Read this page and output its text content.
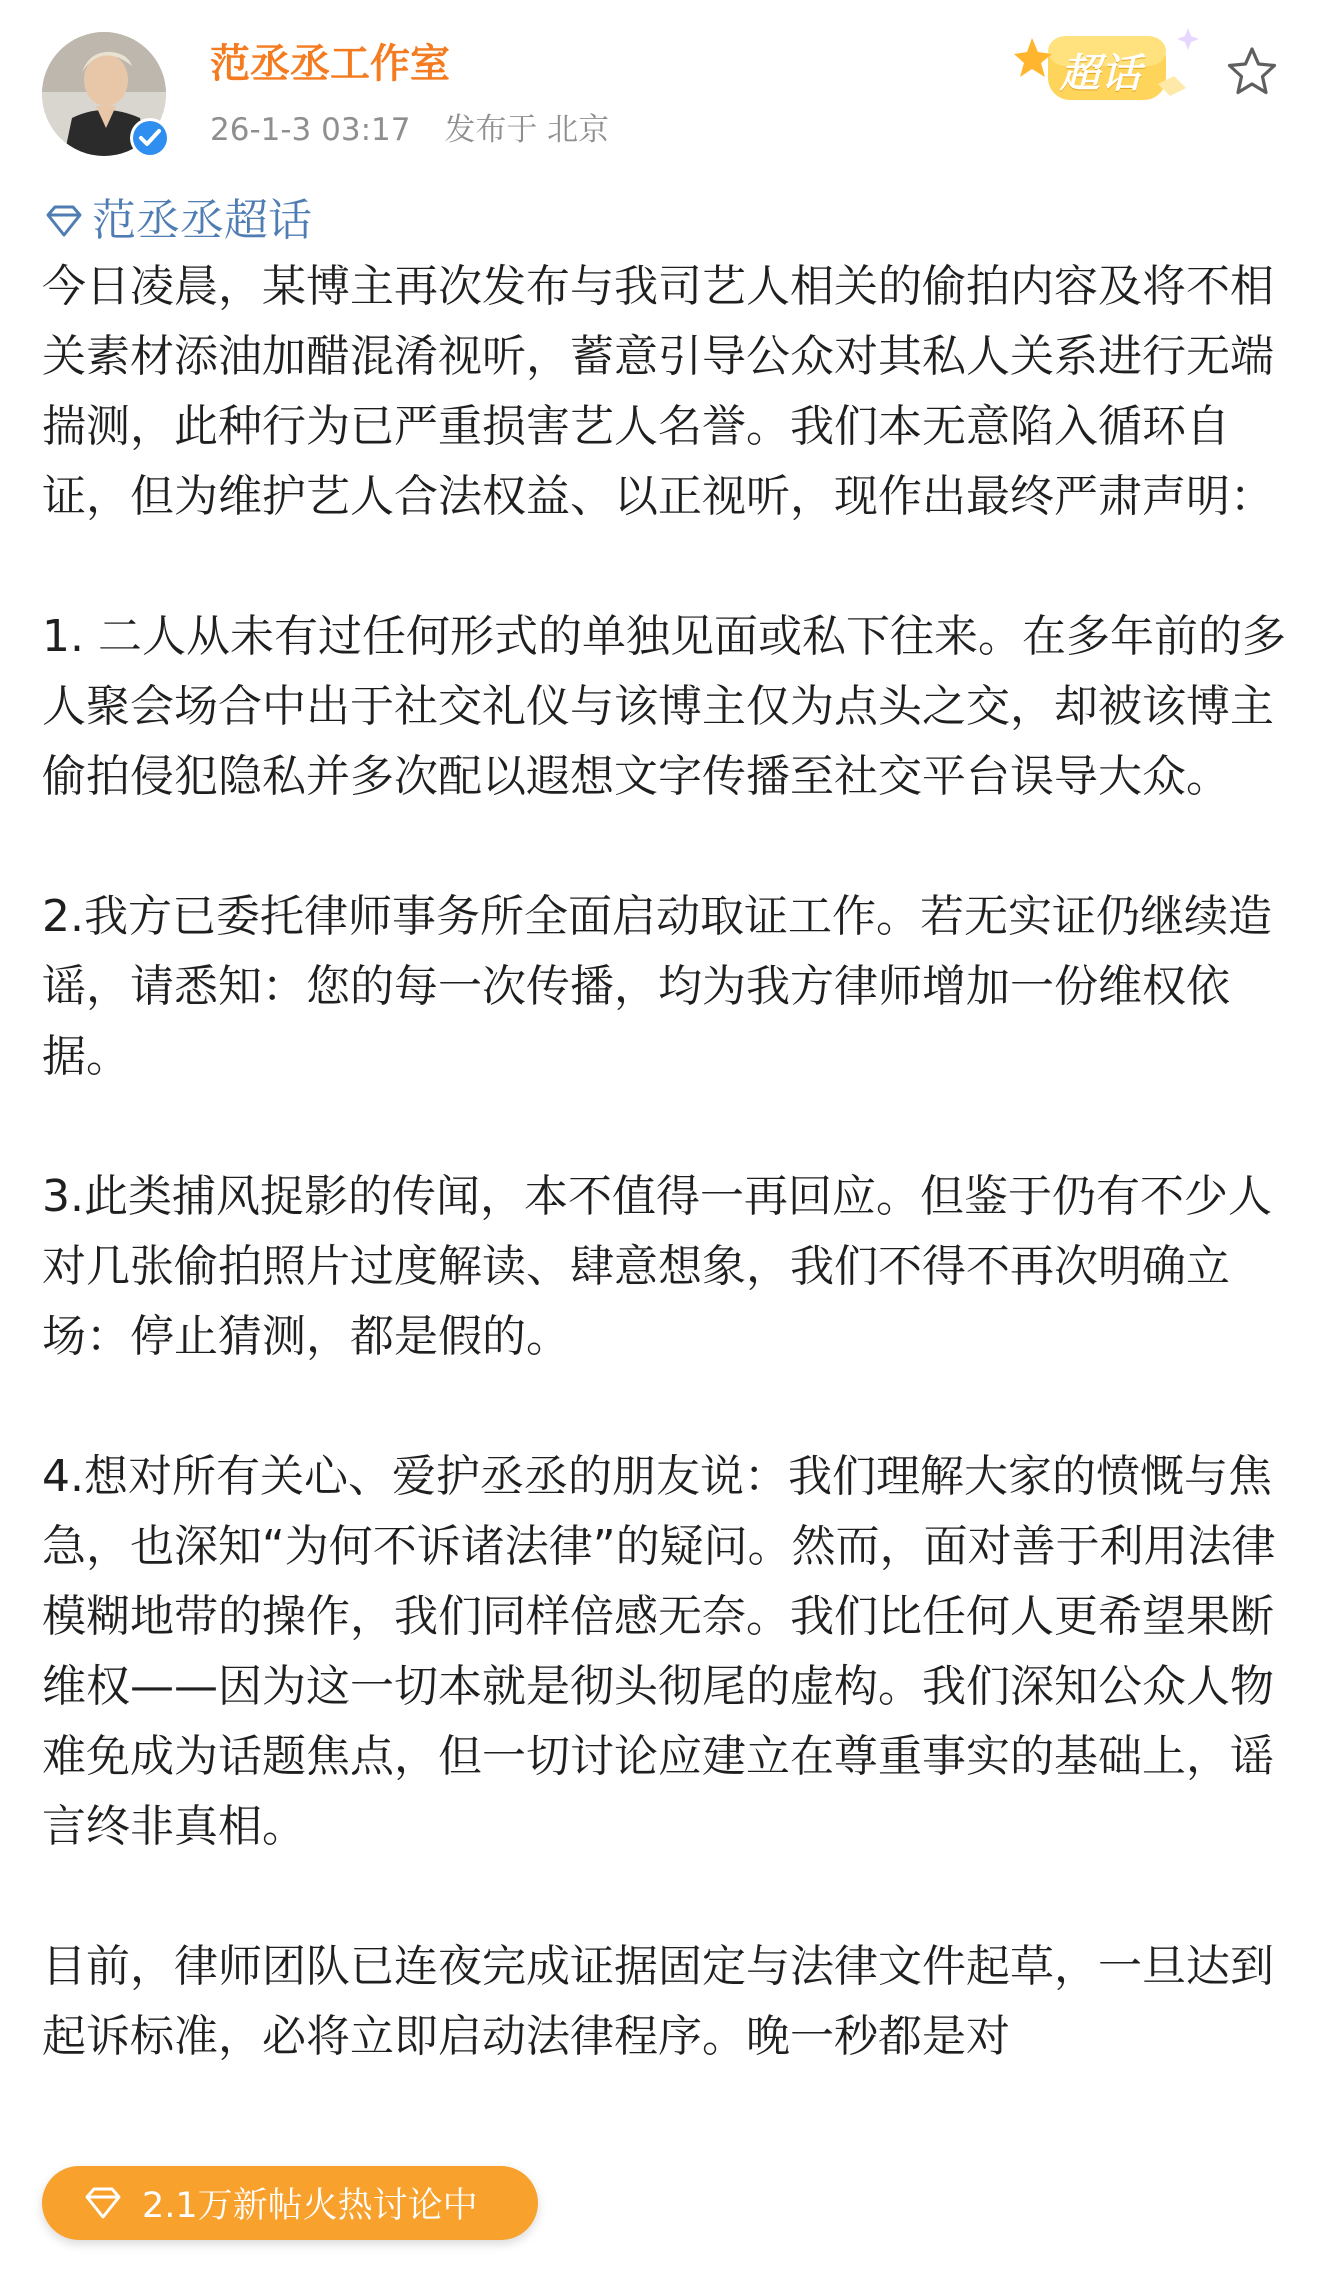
范丞丞工作室
26-1-3 03:17 发布于 北京
超话
范丞丞超话

今日凌晨，某博主再次发布与我司艺人相关的偷拍内容及将不相关素材添油加醋混淆视听，蓄意引导公众对其私人关系进行无端揣测，此种行为已严重损害艺人名誉。我们本无意陷入循环自证，但为维护艺人合法权益、以正视听，现作出最终严肃声明：

1. 二人从未有过任何形式的单独见面或私下往来。在多年前的多人聚会场合中出于社交礼仪与该博主仅为点头之交，却被该博主偷拍侵犯隐私并多次配以遐想文字传播至社交平台误导大众。

2.我方已委托律师事务所全面启动取证工作。若无实证仍继续造谣，请悉知：您的每一次传播，均为我方律师增加一份维权依据。

3.此类捕风捉影的传闻，本不值得一再回应。但鉴于仍有不少人对几张偷拍照片过度解读、肆意想象，我们不得不再次明确立场：停止猜测，都是假的。

4.想对所有关心、爱护丞丞的朋友说：我们理解大家的愤慨与焦急，也深知“为何不诉诸法律”的疑问。然而，面对善于利用法律模糊地带的操作，我们同样倍感无奈。我们比任何人更希望果断维权——因为这一切本就是彻头彻尾的虚构。我们深知公众人物难免成为话题焦点，但一切讨论应建立在尊重事实的基础上，谣言终非真相。

目前，律师团队已连夜完成证据固定与法律文件起草，一旦达到起诉标准，必将立即启动法律程序。晚一秒都是对

2.1万新帖火热讨论中
